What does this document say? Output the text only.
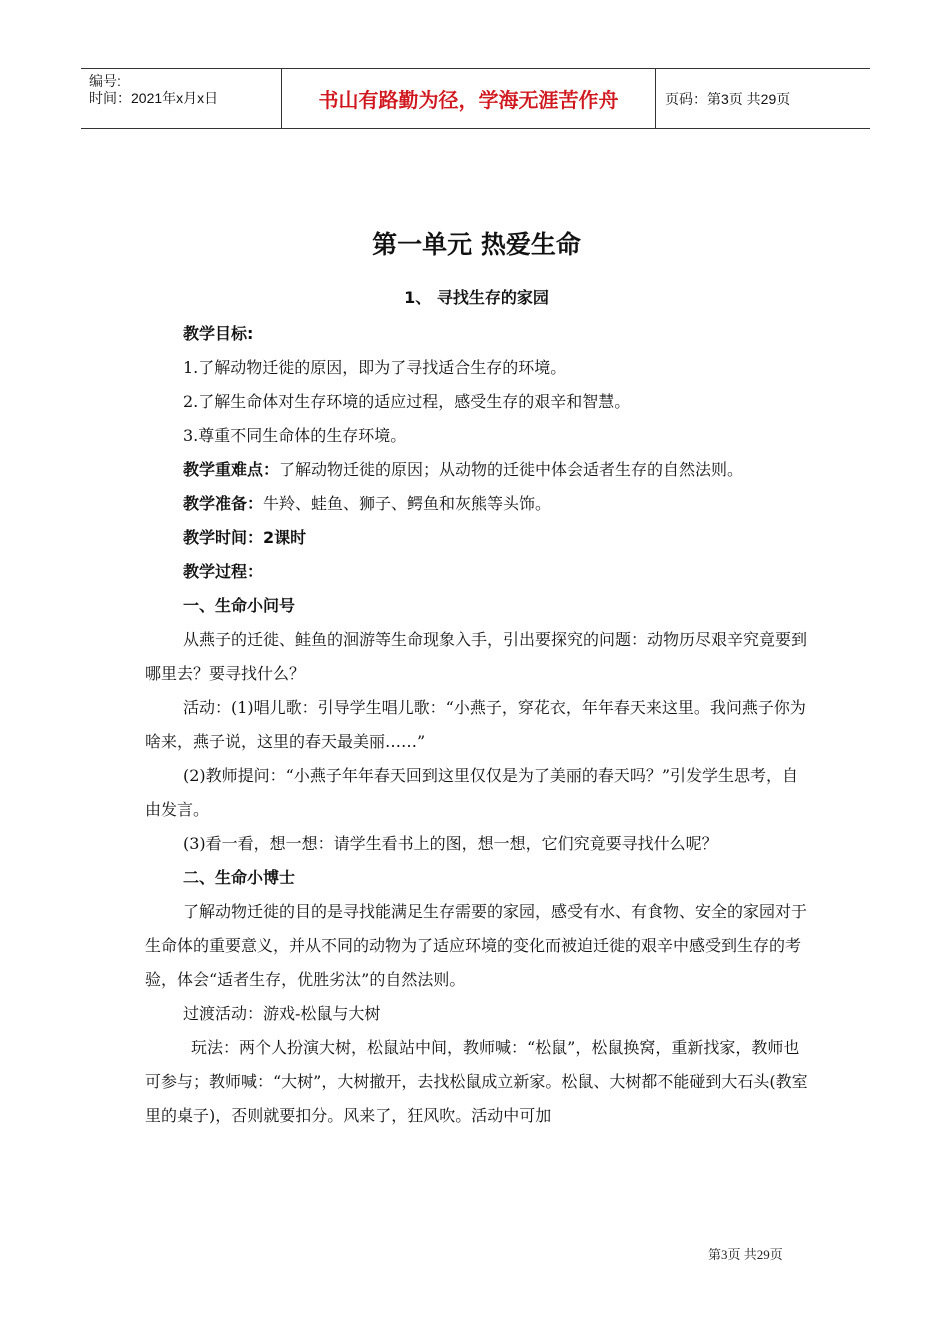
编号:
时间：2021年x月x日	书山有路勤为径，学海无涯苦作舟	页码：第3页 共29页
第一单元 热爱生命
1、 寻找生存的家园

教学目标:

1.了解动物迁徙的原因，即为了寻找适合生存的环境。

2.了解生命体对生存环境的适应过程，感受生存的艰辛和智慧。

3.尊重不同生命体的生存环境。

教学重难点：了解动物迁徙的原因；从动物的迁徙中体会适者生存的自然法则。

教学准备：牛羚、蛙鱼、狮子、鳄鱼和灰熊等头饰。

教学时间：2课时

教学过程：

一、生命小问号

从燕子的迁徙、鲑鱼的洄游等生命现象入手，引出要探究的问题：动物历尽艰辛究竟要到哪里去？要寻找什么？

活动：(1)唱儿歌：引导学生唱儿歌：“小燕子，穿花衣，年年春天来这里。我问燕子你为啥来，燕子说，这里的春天最美丽……”

(2)教师提问：“小燕子年年春天回到这里仅仅是为了美丽的春天吗？”引发学生思考，自由发言。

(3)看一看，想一想：请学生看书上的图，想一想，它们究竟要寻找什么呢？

二、生命小博士

了解动物迁徙的目的是寻找能满足生存需要的家园，感受有水、有食物、安全的家园对于生命体的重要意义，并从不同的动物为了适应环境的变化而被迫迁徙的艰辛中感受到生存的考验，体会“适者生存，优胜劣汰”的自然法则。

过渡活动：游戏-松鼠与大树

玩法：两个人扮演大树，松鼠站中间，教师喊：“松鼠”，松鼠换窝，重新找家，教师也可参与；教师喊：“大树”，大树撤开，去找松鼠成立新家。松鼠、大树都不能碰到大石头(教室里的桌子)，否则就要扣分。风来了，狂风吹。活动中可加

第3页 共29页
